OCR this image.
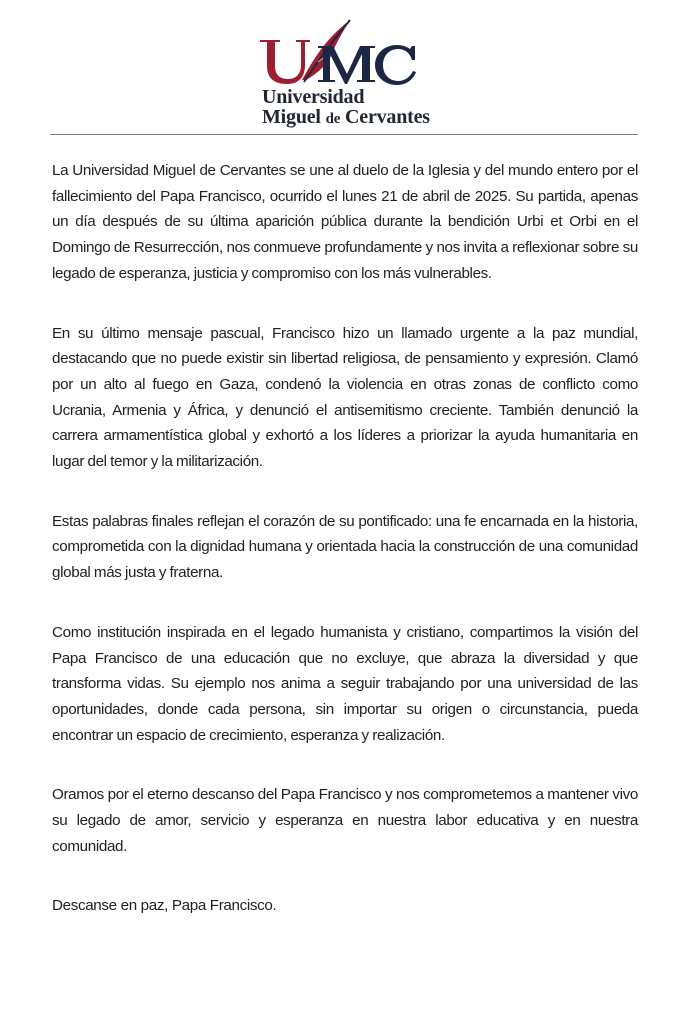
Universidad
Miguel de Cervantes

La Universidad Miguel de Cervantes se une al duelo de la Iglesia y del mundo entero por el fallecimiento del Papa Francisco, ocurrido el lunes 21 de abril de 2025. Su partida, apenas un día después de su última aparición pública durante la bendición Urbi et Orbi en el Domingo de Resurrección, nos conmueve profundamente y nos invita a reflexionar sobre su legado de esperanza, justicia y compromiso con los más vulnerables.

En su último mensaje pascual, Francisco hizo un llamado urgente a la paz mundial, destacando que no puede existir sin libertad religiosa, de pensamiento y expresión. Clamó por un alto al fuego en Gaza, condenó la violencia en otras zonas de conflicto como Ucrania, Armenia y África, y denunció el antisemitismo creciente. También denunció la carrera armamentística global y exhortó a los líderes a priorizar la ayuda humanitaria en lugar del temor y la militarización.

Estas palabras finales reflejan el corazón de su pontificado: una fe encarnada en la historia, comprometida con la dignidad humana y orientada hacia la construcción de una comunidad global más justa y fraterna.

Como institución inspirada en el legado humanista y cristiano, compartimos la visión del Papa Francisco de una educación que no excluye, que abraza la diversidad y que transforma vidas. Su ejemplo nos anima a seguir trabajando por una universidad de las oportunidades, donde cada persona, sin importar su origen o circunstancia, pueda encontrar un espacio de crecimiento, esperanza y realización.

Oramos por el eterno descanso del Papa Francisco y nos comprometemos a mantener vivo su legado de amor, servicio y esperanza en nuestra labor educativa y en nuestra comunidad.

Descanse en paz, Papa Francisco.
